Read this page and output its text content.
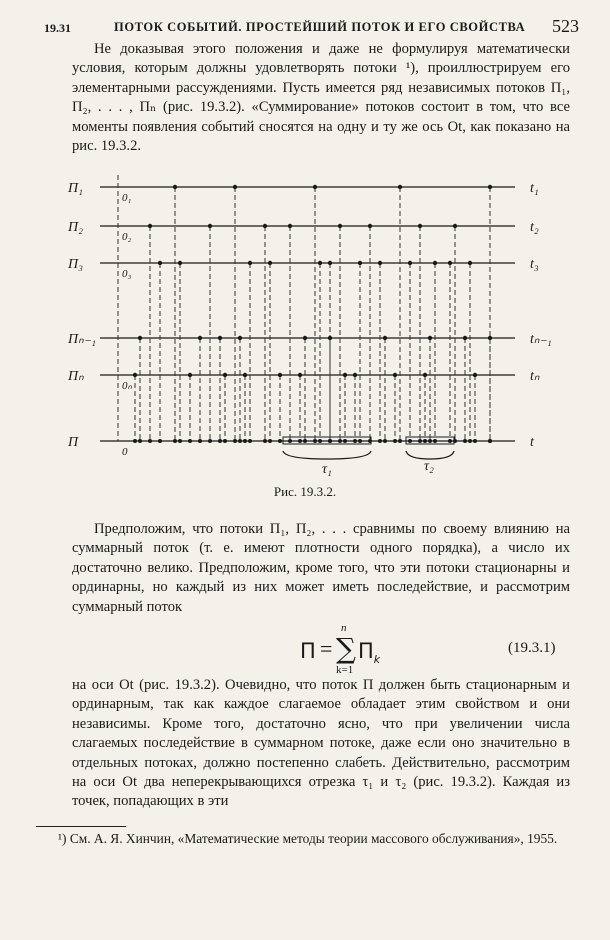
19.31	ПОТОК СОБЫТИЙ. ПРОСТЕЙШИЙ ПОТОК И ЕГО СВОЙСТВА 523

Не доказывая этого положения и даже не формулируя математически условия, которым должны удовлетворять потоки ¹), проиллюстрируем его элементарными рассуждениями. Пусть имеется ряд независимых потоков П₁, П₂, . . . , Пₙ (рис. 19.3.2). «Суммирование» потоков состоит в том, что все моменты появления событий сносятся на одну и ту же ось Ot, как показано на рис. 19.3.2.

П₁
0₁
t₁
П₂
0₂
t₂
П₃
0₃
t₃
Пₙ₋₁	tₙ₋₁
Пₙ
0ₙ
tₙ
П
0
t
τ₁	τ₂
Рис. 19.3.2.

Предположим, что потоки П₁, П₂, . . . сравнимы по своему влиянию на суммарный поток (т. е. имеют плотности одного порядка), а число их достаточно велико. Предположим, кроме того, что эти потоки стационарны и ординарны, но каждый из них может иметь последействие, и рассмотрим суммарный поток

П = ∑
n
k=1
$П_k$
(19.3.1)

на оси Ot (рис. 19.3.2). Очевидно, что поток П должен быть стационарным и ординарным, так как каждое слагаемое обладает этим свойством и они независимы. Кроме того, достаточно ясно, что при увеличении числа слагаемых последействие в суммарном потоке, даже если оно значительно в отдельных потоках, должно постепенно слабеть. Действительно, рассмотрим на оси Ot два неперекрывающихся отрезка τ₁ и τ₂ (рис. 19.3.2). Каждая из точек, попадающих в эти

¹) См. А. Я. Хинчин, «Математические методы теории массового обслуживания», 1955.
